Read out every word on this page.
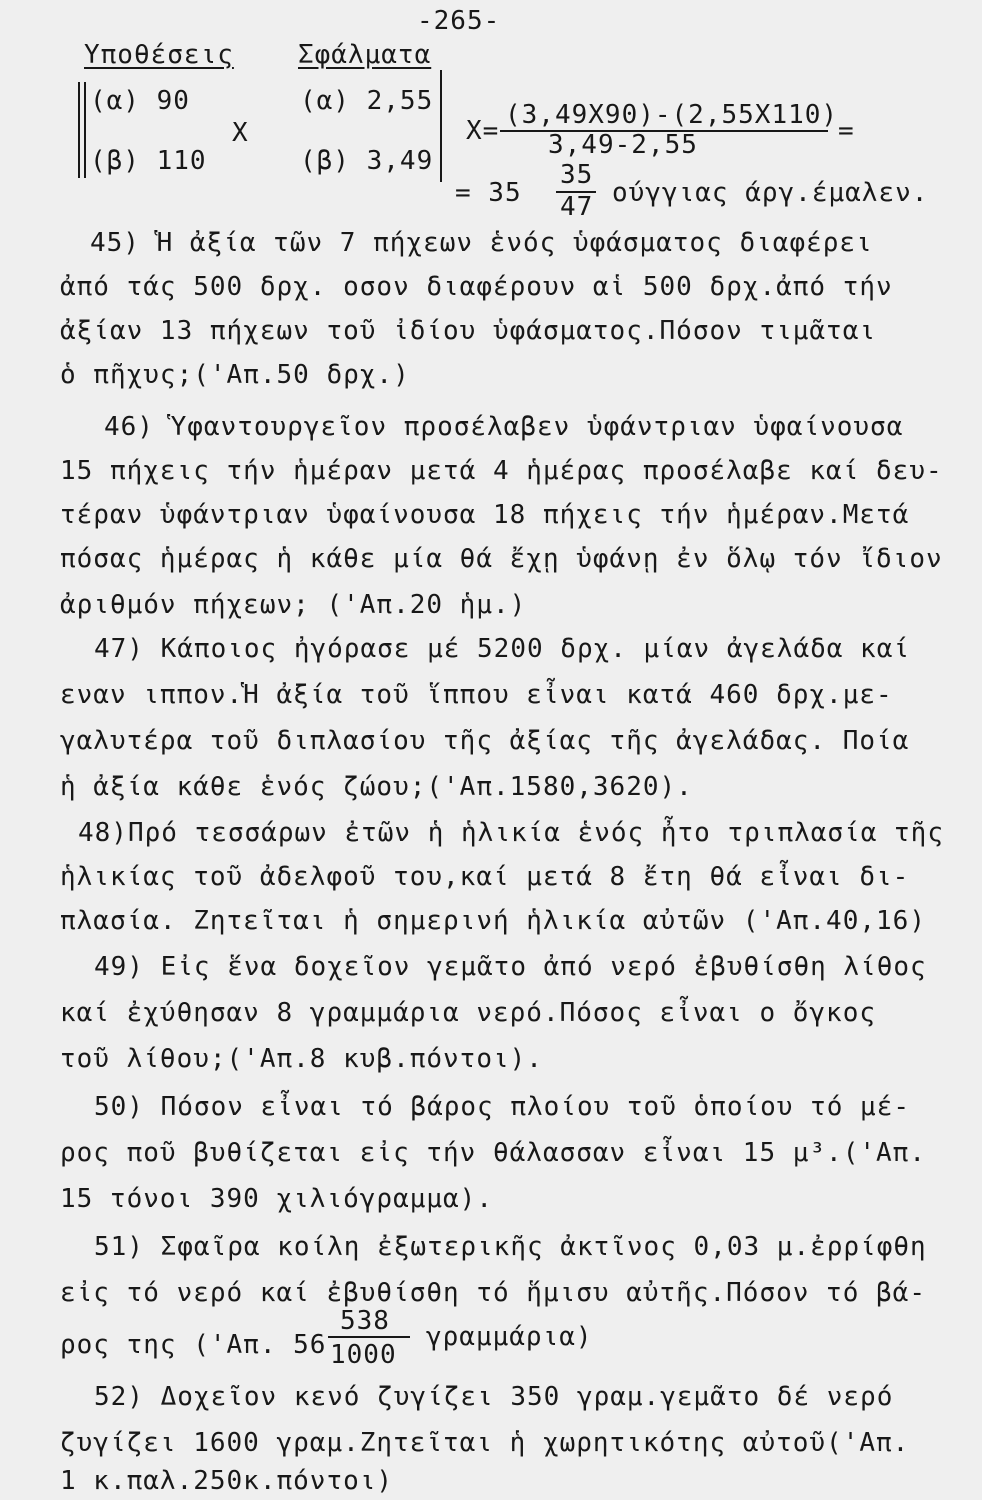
-265-
Υποθέσεις Σφάλματα
(α) 90	(α) 2,55
X
(β) 110	(β) 3,49
X=
(3,49X90)-(2,55X110)
3,49-2,55	=
= 35
35
47 ούγγιας άργ.έμαλεν.
45) Ἡ ἀξία τῶν 7 πήχεων ἑνός ὑφάσματος διαφέρει
ἀπό τάς 500 δρχ. οσον διαφέρουν αἱ 500 δρχ.ἀπό τήν
ἀξίαν 13 πήχεων τοῦ ἰδίου ὑφάσματος.Πόσον τιμᾶται
ὁ πῆχυς;('Απ.50 δρχ.)
46) Ὑφαντουργεῖον προσέλαβεν ὑφάντριαν ὑφαίνουσα
15 πήχεις τήν ἡμέραν μετά 4 ἡμέρας προσέλαβε καί δευ-
τέραν ὑφάντριαν ὑφαίνουσα 18 πήχεις τήν ἡμέραν.Μετά
πόσας ἡμέρας ἡ κάθε μία θά ἔχῃ ὑφάνῃ ἐν ὅλῳ τόν ἴδιον
ἀριθμόν πήχεων; ('Απ.20 ἡμ.)
47) Κάποιος ἠγόρασε μέ 5200 δρχ. μίαν ἀγελάδα καί
εναν ιππον.Ἡ ἀξία τοῦ ἵππου εἶναι κατά 460 δρχ.με-
γαλυτέρα τοῦ διπλασίου τῆς ἀξίας τῆς ἀγελάδας. Ποία
ἡ ἀξία κάθε ἑνός ζώου;('Απ.1580,3620).
48)Πρό τεσσάρων ἐτῶν ἡ ἡλικία ἑνός ἦτο τριπλασία τῆς
ἡλικίας τοῦ ἀδελφοῦ του,καί μετά 8 ἔτη θά εἶναι δι-
πλασία. Ζητεῖται ἡ σημερινή ἡλικία αὐτῶν ('Απ.40,16)
49) Εἰς ἕνα δοχεῖον γεμᾶτο ἀπό νερό ἐβυθίσθη λίθος
καί ἐχύθησαν 8 γραμμάρια νερό.Πόσος εἶναι ο ὄγκος
τοῦ λίθου;('Απ.8 κυβ.πόντοι).
50) Πόσον εἶναι τό βάρος πλοίου τοῦ ὁποίου τό μέ-
ρος ποῦ βυθίζεται εἰς τήν θάλασσαν εἶναι 15 μ³.('Απ.
15 τόνοι 390 χιλιόγραμμα).
51) Σφαῖρα κοίλη ἐξωτερικῆς ἀκτῖνος 0,03 μ.ἐρρίφθη
εἰς τό νερό καί ἐβυθίσθη τό ἥμισυ αὐτῆς.Πόσον τό βά-
ρος της ('Απ. 56
538
1000
γραμμάρια)
52) Δοχεῖον κενό ζυγίζει 350 γραμ.γεμᾶτο δέ νερό
ζυγίζει 1600 γραμ.Ζητεῖται ἡ χωρητικότης αὐτοῦ('Απ.
1 κ.παλ.250κ.πόντοι)
